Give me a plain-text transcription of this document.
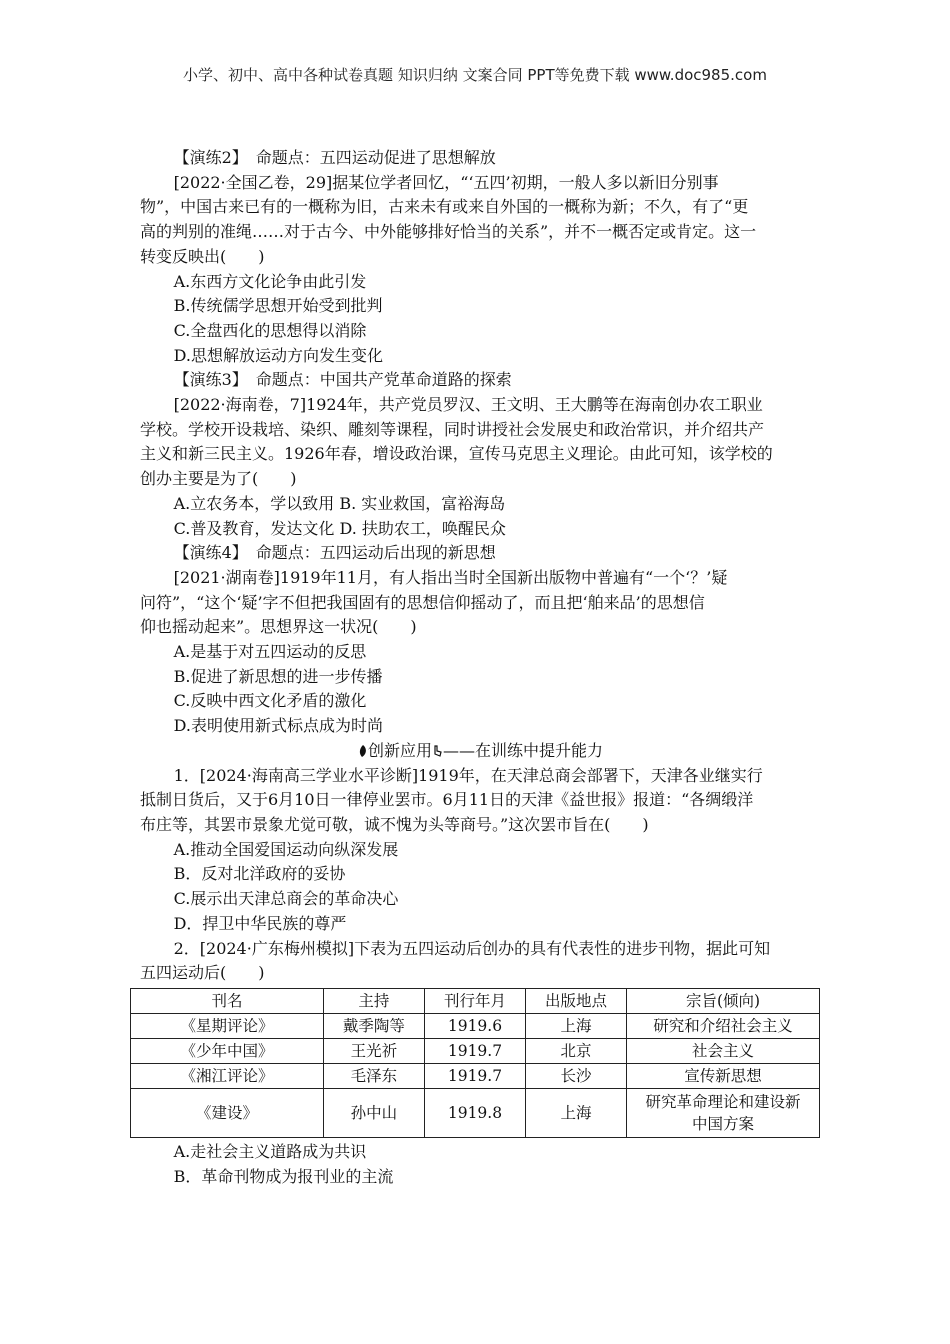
小学、初中、高中各种试卷真题 知识归纳 文案合同 PPT等免费下载 www.doc985.com

【演练2】　命题点：五四运动促进了思想解放

[2022·全国乙卷，29]据某位学者回忆，“‘五四’初期，一般人多以新旧分别事

物”，中国古来已有的一概称为旧，古来未有或来自外国的一概称为新；不久，有了“更

高的判别的准绳……对于古今、中外能够排好恰当的关系”，并不一概否定或肯定。这一

转变反映出(　　)

A.东西方文化论争由此引发

B.传统儒学思想开始受到批判

C.全盘西化的思想得以消除

D.思想解放运动方向发生变化

【演练3】　命题点：中国共产党革命道路的探索

[2022·海南卷，7]1924年，共产党员罗汉、王文明、王大鹏等在海南创办农工职业

学校。学校开设栽培、染织、雕刻等课程，同时讲授社会发展史和政治常识，并介绍共产

主义和新三民主义。1926年春，增设政治课，宣传马克思主义理论。由此可知，该学校的

创办主要是为了(　　)

A.立农务本，学以致用 B. 实业救国，富裕海岛

C.普及教育，发达文化 D. 扶助农工，唤醒民众

【演练4】　命题点：五四运动后出现的新思想

[2021·湖南卷]1919年11月，有人指出当时全国新出版物中普遍有“一个‘？’疑

问符”，“这个‘疑’字不但把我国固有的思想信仰摇动了，而且把‘舶来品’的思想信

仰也摇动起来”。思想界这一状况(　　)

A.是基于对五四运动的反思

B.促进了新思想的进一步传播

C.反映中西文化矛盾的激化

D.表明使用新式标点成为时尚

创新应用 ——在训练中提升能力

1．[2024·海南高三学业水平诊断]1919年，在天津总商会部署下，天津各业继实行

抵制日货后，又于6月10日一律停业罢市。6月11日的天津《益世报》报道：“各绸缎洋

布庄等，其罢市景象尤觉可敬，诚不愧为头等商号。”这次罢市旨在(　　)

A.推动全国爱国运动向纵深发展

B．反对北洋政府的妥协

C.展示出天津总商会的革命决心

D．捍卫中华民族的尊严

2．[2024·广东梅州模拟]下表为五四运动后创办的具有代表性的进步刊物，据此可知

五四运动后(　　)

刊名	主持	刊行年月	出版地点	宗旨(倾向)
《星期评论》	戴季陶等	1919.6	上海	研究和介绍社会主义
《少年中国》	王光祈	1919.7	北京	社会主义
《湘江评论》	毛泽东	1919.7	长沙	宣传新思想
《建设》	孙中山	1919.8	上海	研究革命理论和建设新中国方案

A.走社会主义道路成为共识

B．革命刊物成为报刊业的主流
